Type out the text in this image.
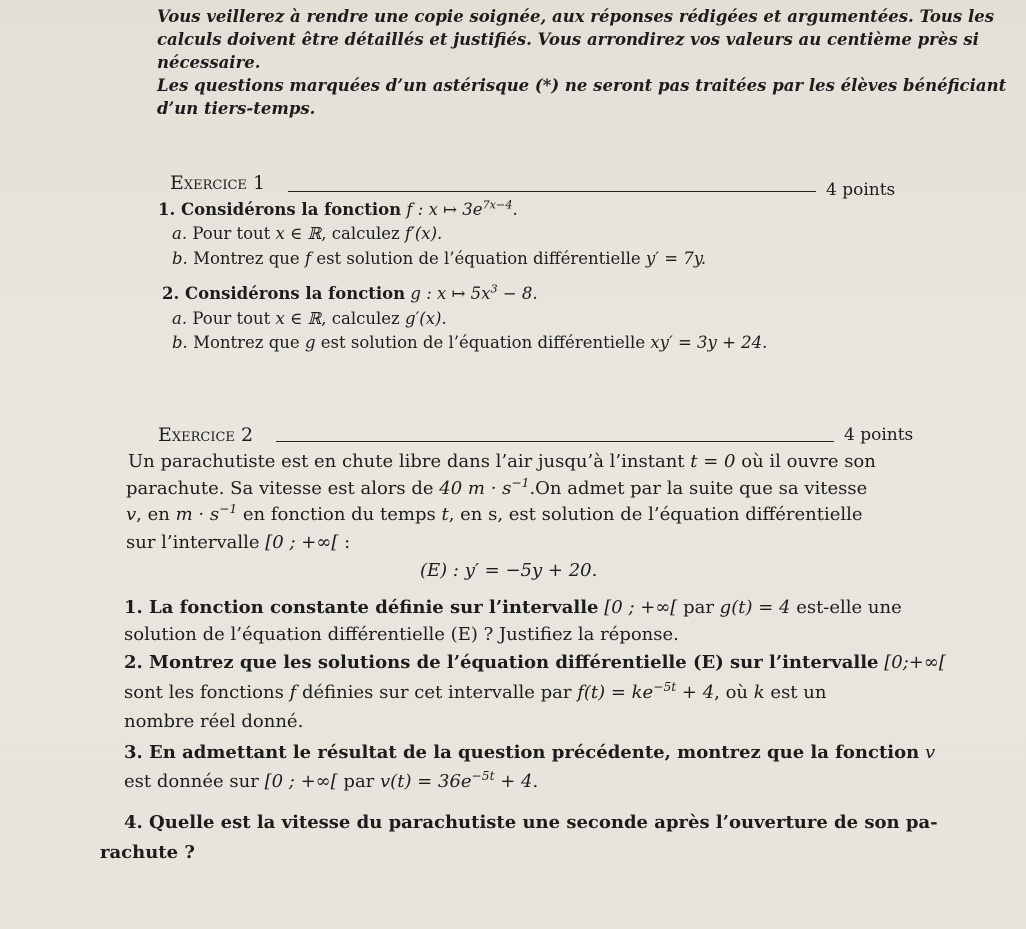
Vous veillerez à rendre une copie soignée, aux réponses rédigées et argumentées. Tous les
calculs doivent être détaillés et justifiés. Vous arrondirez vos valeurs au centième près si
nécessaire.
Les questions marquées d’un astérisque (*) ne seront pas traitées par les élèves bénéficiant
d’un tiers-temps.
Exercice 1	4 points
1. Considérons la fonction f : x ↦ $3e^{7x-4}$.
a. Pour tout x ∈ ℝ, calculez f′(x).
b. Montrez que f est solution de l’équation différentielle y′ = 7y.
2. Considérons la fonction g : x ↦ $5x^3 - 8$.
a. Pour tout x ∈ ℝ, calculez g′(x).
b. Montrez que g est solution de l’équation différentielle xy′ = 3y + 24.
Exercice 2	4 points
Un parachutiste est en chute libre dans l’air jusqu’à l’instant t = 0 où il ouvre son
parachute. Sa vitesse est alors de 40 $m \cdot s^{-1}.On$ admet par la suite que sa vitesse
v, en $m \cdot s^{-1}$ en fonction du temps t, en s, est solution de l’équation différentielle
sur l’intervalle [0 ; +∞[ :
(E) : y′ = −5y + 20.
1. La fonction constante définie sur l’intervalle [0 ; +∞[ par g(t) = 4 est-elle une
solution de l’équation différentielle (E) ? Justifiez la réponse.
2. Montrez que les solutions de l’équation différentielle (E) sur l’intervalle [0;+∞[
sont les fonctions f définies sur cet intervalle par $f(t) = ke^{-5t} + 4$, où k est un
nombre réel donné.
3. En admettant le résultat de la question précédente, montrez que la fonction v
est donnée sur [0 ; +∞[ par $v(t) = 36e^{-5t} + 4$.
4. Quelle est la vitesse du parachutiste une seconde après l’ouverture de son pa-
rachute ?
